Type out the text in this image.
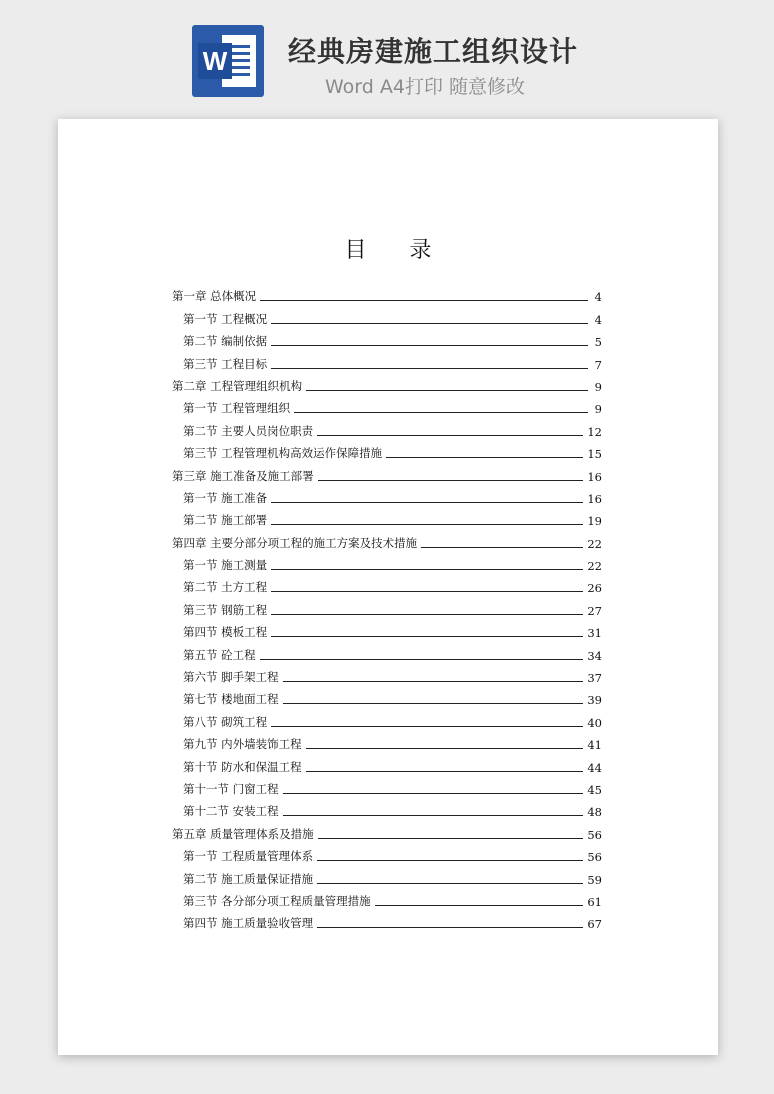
W 经典房建施工组织设计
Word A4打印 随意修改
目 录
第一章 总体概况	4
第一节 工程概况	4
第二节 编制依据	5
第三节 工程目标	7
第二章 工程管理组织机构	9
第一节 工程管理组织	9
第二节 主要人员岗位职责	12
第三节 工程管理机构高效运作保障措施	15
第三章 施工准备及施工部署	16
第一节 施工准备	16
第二节 施工部署	19
第四章 主要分部分项工程的施工方案及技术措施	22
第一节 施工测量	22
第二节 土方工程	26
第三节 钢筋工程	27
第四节 模板工程	31
第五节 砼工程	34
第六节 脚手架工程	37
第七节 楼地面工程	39
第八节 砌筑工程	40
第九节 内外墙装饰工程	41
第十节 防水和保温工程	44
第十一节 门窗工程	45
第十二节 安装工程	48
第五章 质量管理体系及措施	56
第一节 工程质量管理体系	56
第二节 施工质量保证措施	59
第三节 各分部分项工程质量管理措施	61
第四节 施工质量验收管理	67
